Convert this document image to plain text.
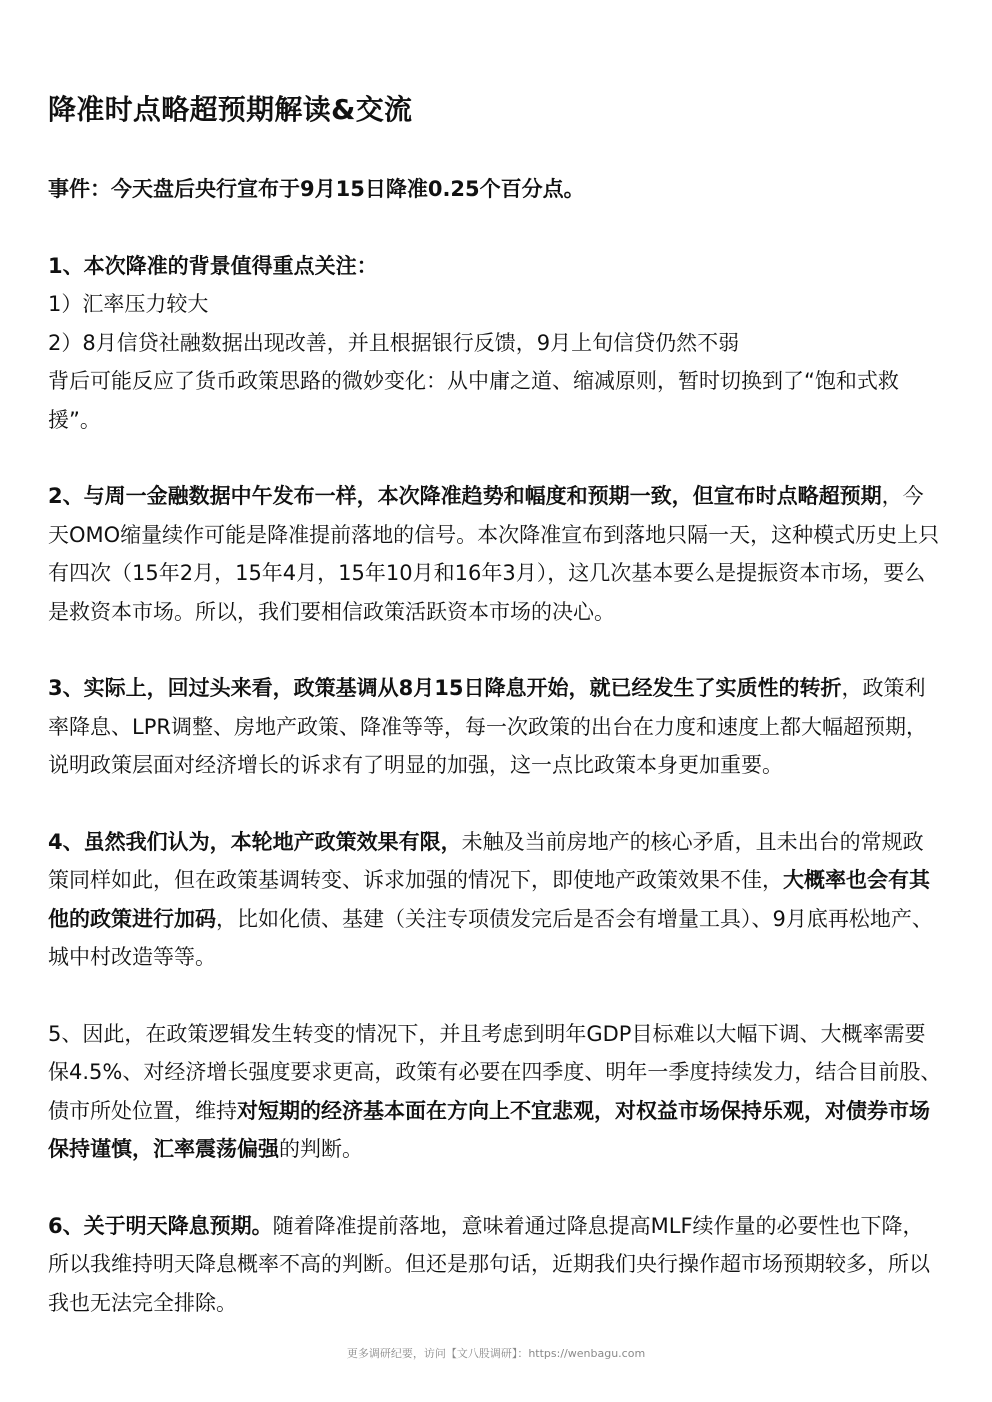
降准时点略超预期解读&交流

事件：今天盘后央行宣布于9月15日降准0.25个百分点。

1、本次降准的背景值得重点关注：

1）汇率压力较大

2）8月信贷社融数据出现改善，并且根据银行反馈，9月上旬信贷仍然不弱

背后可能反应了货币政策思路的微妙变化：从中庸之道、缩减原则，暂时切换到了“饱和式救援”。

2、与周一金融数据中午发布一样，本次降准趋势和幅度和预期一致，但宣布时点略超预期，今天OMO缩量续作可能是降准提前落地的信号。本次降准宣布到落地只隔一天，这种模式历史上只有四次（15年2月，15年4月，15年10月和16年3月），这几次基本要么是提振资本市场，要么是救资本市场。所以，我们要相信政策活跃资本市场的决心。

3、实际上，回过头来看，政策基调从8月15日降息开始，就已经发生了实质性的转折，政策利率降息、LPR调整、房地产政策、降准等等，每一次政策的出台在力度和速度上都大幅超预期，说明政策层面对经济增长的诉求有了明显的加强，这一点比政策本身更加重要。

4、虽然我们认为，本轮地产政策效果有限，未触及当前房地产的核心矛盾，且未出台的常规政策同样如此，但在政策基调转变、诉求加强的情况下，即使地产政策效果不佳，大概率也会有其他的政策进行加码，比如化债、基建（关注专项债发完后是否会有增量工具）、9月底再松地产、城中村改造等等。

5、因此，在政策逻辑发生转变的情况下，并且考虑到明年GDP目标难以大幅下调、大概率需要保4.5%、对经济增长强度要求更高，政策有必要在四季度、明年一季度持续发力，结合目前股、债市所处位置，维持对短期的经济基本面在方向上不宜悲观，对权益市场保持乐观，对债券市场保持谨慎，汇率震荡偏强的判断。

6、关于明天降息预期。随着降准提前落地，意味着通过降息提高MLF续作量的必要性也下降，所以我维持明天降息概率不高的判断。但还是那句话，近期我们央行操作超市场预期较多，所以我也无法完全排除。

更多调研纪要，访问【文八股调研】：https://wenbagu.com
